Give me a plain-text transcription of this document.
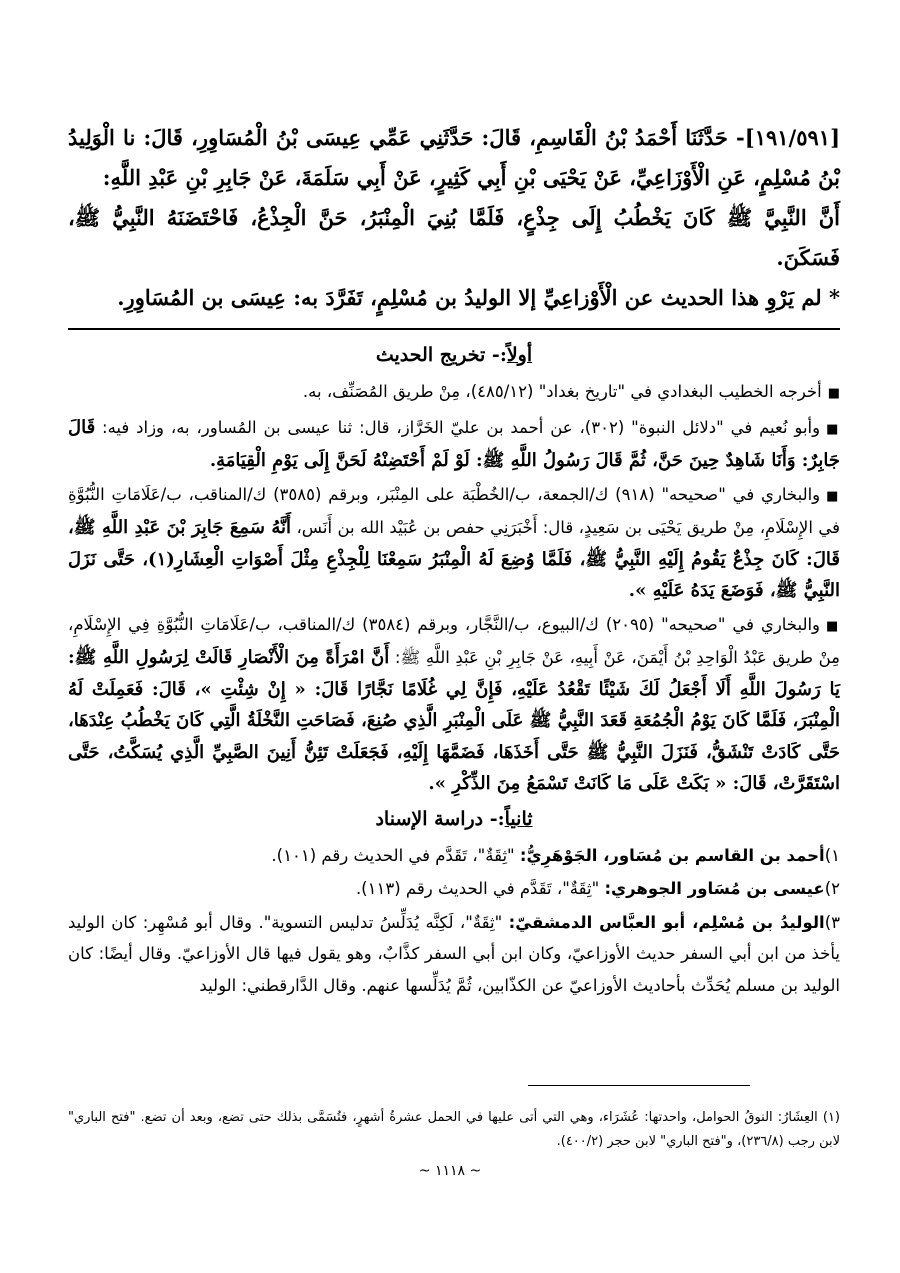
[١٩١/٥٩١]- حَدَّثَنَا أَحْمَدُ بْنُ الْقَاسِمِ، قَالَ: حَدَّثَنِي عَمِّي عِيسَى بْنُ الْمُسَاوِرِ، قَالَ: نا الْوَلِيدُ بْنُ مُسْلِمٍ، عَنِ الْأَوْزَاعِيِّ، عَنْ يَحْيَى بْنِ أَبِي كَثِيرٍ، عَنْ أَبِي سَلَمَةَ، عَنْ جَابِرِ بْنِ عَبْدِ اللَّهِ:

أَنَّ النَّبِيَّ ﷺ كَانَ يَخْطُبُ إِلَى جِذْعٍ، فَلَمَّا بُنِيَ الْمِنْبَرُ، حَنَّ الْجِذْعُ، فَاحْتَضَنَهُ النَّبِيُّ ﷺ، فَسَكَنَ.

* لم يَرْوِ هذا الحديث عن الْأَوْزاعِيِّ إلا الوليدُ بن مُسْلِمٍ، تَفَرَّدَ به: عِيسَى بن المُسَاوِرِ.

أولاً:- تخريج الحديث

■أخرجه الخطيب البغدادي في "تاريخ بغداد" (٤٨٥/١٢)، مِنْ طريق المُصَنِّف، به.

■وأبو نُعيم في "دلائل النبوة" (٣٠٢)، عن أحمد بن عليّ الخَرَّاز، قال: ثنا عيسى بن المُساور، به، وزاد فيه: قَالَ جَابِرٌ: وَأَنَا شَاهِدٌ حِينَ حَنَّ، ثُمَّ قَالَ رَسُولُ اللَّهِ ﷺ: لَوْ لَمْ أَحْتَضِنْهُ لَحَنَّ إِلَى يَوْمِ الْقِيَامَةِ.

■والبخاري في "صحيحه" (٩١٨) ك/الجمعة، ب/الخُطْبَة على المِنْبَر، وبرقم (٣٥٨٥) ك/المناقب، ب/عَلَامَاتِ النُّبُوَّةِ في الإِسْلَامِ، مِنْ طريق يَحْيَى بن سَعِيدٍ، قال: أَخْبَرَنِي حفص بن عُبَيْد الله بن أَنَس، أَنَّهُ سَمِعَ جَابِرَ بْنَ عَبْدِ اللَّهِ ﷺ، قَالَ: كَانَ جِذْعٌ يَقُومُ إِلَيْهِ النَّبِيُّ ﷺ، فَلَمَّا وُضِعَ لَهُ الْمِنْبَرُ سَمِعْنَا لِلْجِذْعِ مِثْلَ أَصْوَاتِ الْعِشَارِ(١)، حَتَّى نَزَلَ النَّبِيُّ ﷺ، فَوَضَعَ يَدَهُ عَلَيْهِ ».

■والبخاري في "صحيحه" (٢٠٩٥) ك/البيوع، ب/النَّجَّار، وبرقم (٣٥٨٤) ك/المناقب، ب/عَلَامَاتِ النُّبُوَّةِ فِي الإِسْلَامِ، مِنْ طريق عَبْدُ الْوَاحِدِ بْنُ أَيْمَنَ، عَنْ أَبِيهِ، عَنْ جَابِرِ بْنِ عَبْدِ اللَّهِ ﷺ: أَنَّ امْرَأَةً مِنَ الْأَنْصَارِ قَالَتْ لِرَسُولِ اللَّهِ ﷺ: يَا رَسُولَ اللَّهِ أَلَا أَجْعَلُ لَكَ شَيْئًا تَقْعُدُ عَلَيْهِ، فَإِنَّ لِي غُلَامًا نَجَّارًا قَالَ: « إِنْ شِئْتِ »، قَالَ: فَعَمِلَتْ لَهُ الْمِنْبَرَ، فَلَمَّا كَانَ يَوْمُ الْجُمُعَةِ قَعَدَ النَّبِيُّ ﷺ عَلَى الْمِنْبَرِ الَّذِي صُنِعَ، فَصَاحَتِ النَّخْلَةُ الَّتِي كَانَ يَخْطُبُ عِنْدَهَا، حَتَّى كَادَتْ تَنْشَقُّ، فَنَزَلَ النَّبِيُّ ﷺ حَتَّى أَخَذَهَا، فَضَمَّهَا إِلَيْهِ، فَجَعَلَتْ تَئِنُّ أَنِينَ الصَّبِيِّ الَّذِي يُسَكَّتُ، حَتَّى اسْتَقَرَّتْ، قَالَ: « بَكَتْ عَلَى مَا كَانَتْ تَسْمَعُ مِنَ الذِّكْرِ ».

ثانياً:- دراسة الإسناد

١)أحمد بن القاسم بن مُسَاور، الجَوْهَرِيُّ: "ثِقَةٌ"، تَقَدَّم في الحديث رقم (١٠١).

٢)عيسى بن مُسَاور الجوهري: "ثِقَةٌ"، تَقَدَّم في الحديث رقم (١١٣).

٣)الوليدُ بن مُسْلِم، أبو العبَّاس الدمشقيّ: "ثِقَةٌ"، لَكِنَّه يُدَلِّسُ تدليس التسوية". وقال أبو مُسْهِر: كان الوليد يأخذ من ابن أبي السفر حديث الأوزاعيّ، وكان ابن أبي السفر كذَّابٌ، وهو يقول فيها قال الأوزاعيّ. وقال أيضًا: كان الوليد بن مسلم يُحَدِّث بأحاديث الأوزاعيّ عن الكذّابين، ثُمَّ يُدَلِّسها عنهم. وقال الدَّارقطني: الوليد

(١) العِشَارُ: النوقُ الحوامل، واحدتها: عُشَرَاء، وهي التي أتى عليها في الحمل عشرةُ أشهرٍ، فتُسَمَّى بذلك حتى تضع، وبعد أن تضع. "فتح الباري" لابن رجب (٢٣٦/٨)، و"فتح الباري" لابن حجر (٤٠٠/٢).

~ ١١١٨ ~
